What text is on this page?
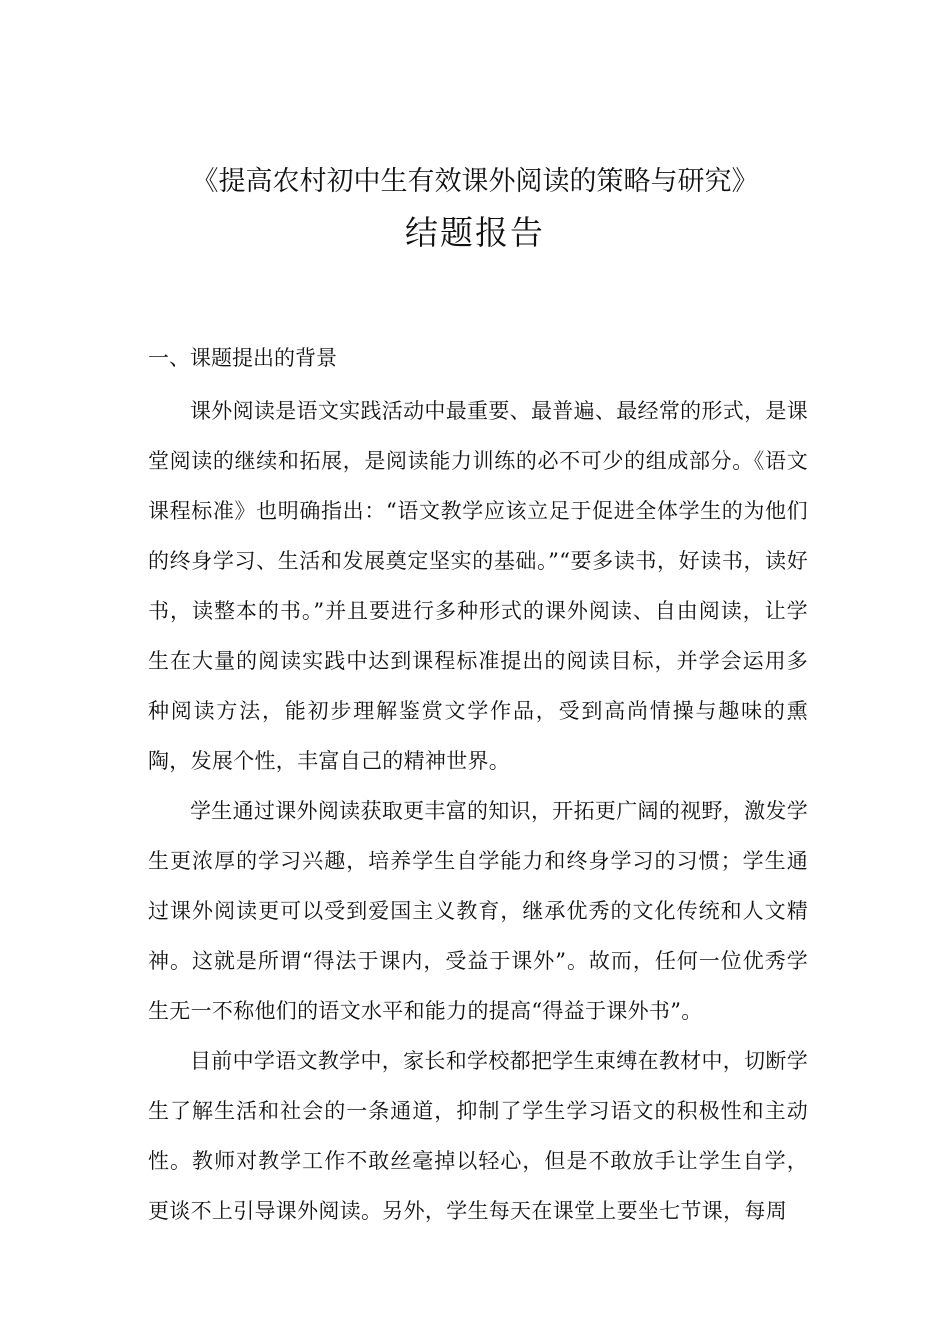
《提高农村初中生有效课外阅读的策略与研究》
结题报告
一、课题提出的背景

课外阅读是语文实践活动中最重要、最普遍、最经常的形式，是课堂阅读的继续和拓展，是阅读能力训练的必不可少的组成部分。《语文课程标准》也明确指出：“语文教学应该立足于促进全体学生的为他们的终身学习、生活和发展奠定坚实的基础。”“要多读书，好读书，读好书，读整本的书。”并且要进行多种形式的课外阅读、自由阅读，让学生在大量的阅读实践中达到课程标准提出的阅读目标，并学会运用多种阅读方法，能初步理解鉴赏文学作品，受到高尚情操与趣味的熏陶，发展个性，丰富自己的精神世界。

学生通过课外阅读获取更丰富的知识，开拓更广阔的视野，激发学生更浓厚的学习兴趣，培养学生自学能力和终身学习的习惯；学生通过课外阅读更可以受到爱国主义教育，继承优秀的文化传统和人文精神。这就是所谓“得法于课内，受益于课外”。故而，任何一位优秀学生无一不称他们的语文水平和能力的提高“得益于课外书”。

目前中学语文教学中，家长和学校都把学生束缚在教材中，切断学生了解生活和社会的一条通道，抑制了学生学习语文的积极性和主动性。教师对教学工作不敢丝毫掉以轻心，但是不敢放手让学生自学，更谈不上引导课外阅读。另外，学生每天在课堂上要坐七节课，每周
